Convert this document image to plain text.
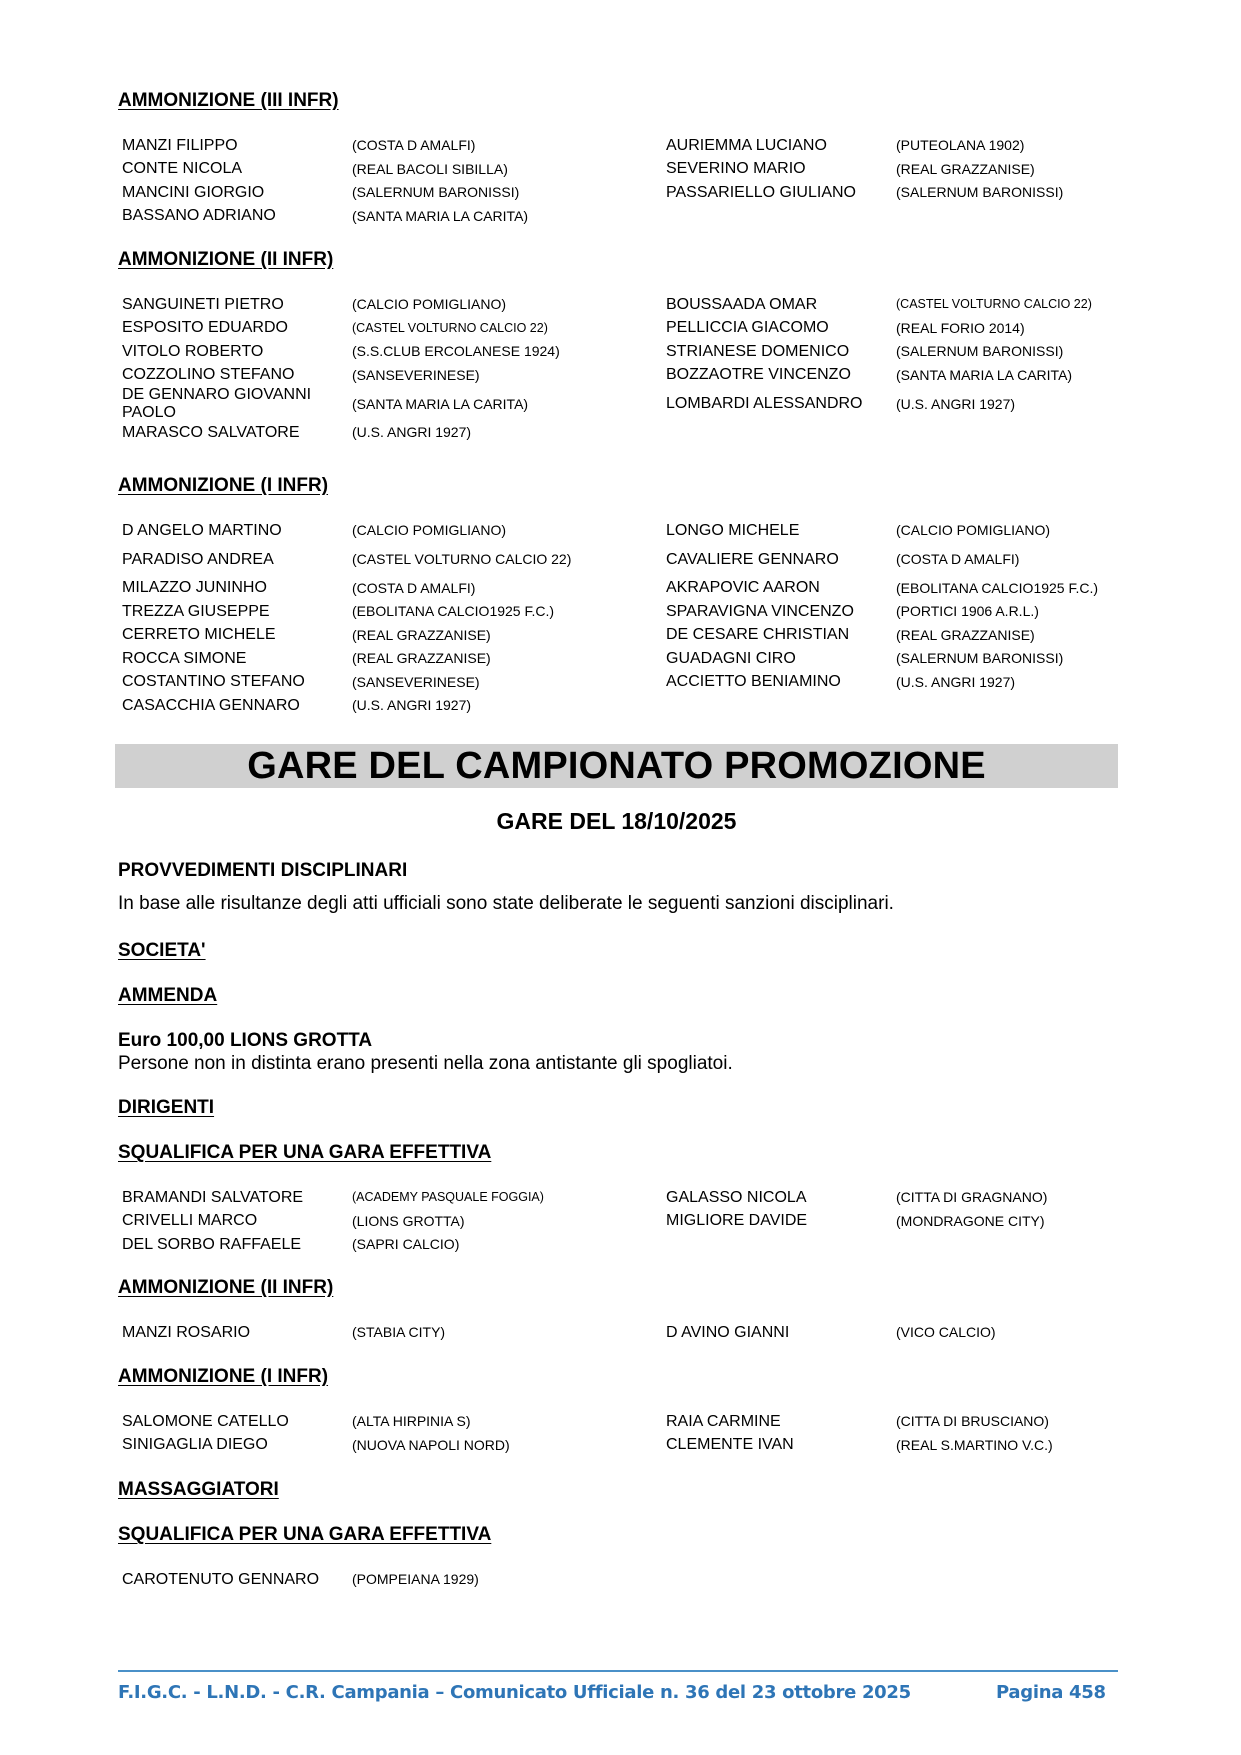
AMMONIZIONE (III INFR)
MANZI FILIPPO	(COSTA D AMALFI)	AURIEMMA LUCIANO	(PUTEOLANA 1902)
CONTE NICOLA	(REAL BACOLI SIBILLA)	SEVERINO MARIO	(REAL GRAZZANISE)
MANCINI GIORGIO	(SALERNUM BARONISSI)	PASSARIELLO GIULIANO	(SALERNUM BARONISSI)
BASSANO ADRIANO	(SANTA MARIA LA CARITA)
AMMONIZIONE (II INFR)
SANGUINETI PIETRO	(CALCIO POMIGLIANO)	BOUSSAADA OMAR	(CASTEL VOLTURNO CALCIO 22)
ESPOSITO EDUARDO	(CASTEL VOLTURNO CALCIO 22)	PELLICCIA GIACOMO	(REAL FORIO 2014)
VITOLO ROBERTO	(S.S.CLUB ERCOLANESE 1924)	STRIANESE DOMENICO	(SALERNUM BARONISSI)
COZZOLINO STEFANO	(SANSEVERINESE)	BOZZAOTRE VINCENZO	(SANTA MARIA LA CARITA)
DE GENNARO GIOVANNI PAOLO
(SANTA MARIA LA CARITA)	LOMBARDI ALESSANDRO	(U.S. ANGRI 1927)
MARASCO SALVATORE	(U.S. ANGRI 1927)
AMMONIZIONE (I INFR)
D ANGELO MARTINO	(CALCIO POMIGLIANO)	LONGO MICHELE	(CALCIO POMIGLIANO)
PARADISO ANDREA	(CASTEL VOLTURNO CALCIO 22)	CAVALIERE GENNARO	(COSTA D AMALFI)
MILAZZO JUNINHO	(COSTA D AMALFI)	AKRAPOVIC AARON	(EBOLITANA CALCIO1925 F.C.)
TREZZA GIUSEPPE	(EBOLITANA CALCIO1925 F.C.)	SPARAVIGNA VINCENZO	(PORTICI 1906 A.R.L.)
CERRETO MICHELE	(REAL GRAZZANISE)	DE CESARE CHRISTIAN	(REAL GRAZZANISE)
ROCCA SIMONE	(REAL GRAZZANISE)	GUADAGNI CIRO	(SALERNUM BARONISSI)
COSTANTINO STEFANO	(SANSEVERINESE)	ACCIETTO BENIAMINO	(U.S. ANGRI 1927)
CASACCHIA GENNARO	(U.S. ANGRI 1927)
GARE DEL CAMPIONATO PROMOZIONE
GARE DEL 18/10/2025
PROVVEDIMENTI DISCIPLINARI
In base alle risultanze degli atti ufficiali sono state deliberate le seguenti sanzioni disciplinari.
SOCIETA'
AMMENDA
Euro 100,00 LIONS GROTTA
Persone non in distinta erano presenti nella zona antistante gli spogliatoi.
DIRIGENTI
SQUALIFICA PER UNA GARA EFFETTIVA
BRAMANDI SALVATORE	(ACADEMY PASQUALE FOGGIA)	GALASSO NICOLA	(CITTA DI GRAGNANO)
CRIVELLI MARCO	(LIONS GROTTA)	MIGLIORE DAVIDE	(MONDRAGONE CITY)
DEL SORBO RAFFAELE	(SAPRI CALCIO)
AMMONIZIONE (II INFR)
MANZI ROSARIO	(STABIA CITY)	D AVINO GIANNI	(VICO CALCIO)
AMMONIZIONE (I INFR)
SALOMONE CATELLO	(ALTA HIRPINIA S)	RAIA CARMINE	(CITTA DI BRUSCIANO)
SINIGAGLIA DIEGO	(NUOVA NAPOLI NORD)	CLEMENTE IVAN	(REAL S.MARTINO V.C.)
MASSAGGIATORI
SQUALIFICA PER UNA GARA EFFETTIVA
CAROTENUTO GENNARO	(POMPEIANA 1929)
F.I.G.C. - L.N.D. - C.R. Campania – Comunicato Ufficiale n. 36 del 23 ottobre 2025	Pagina 458
